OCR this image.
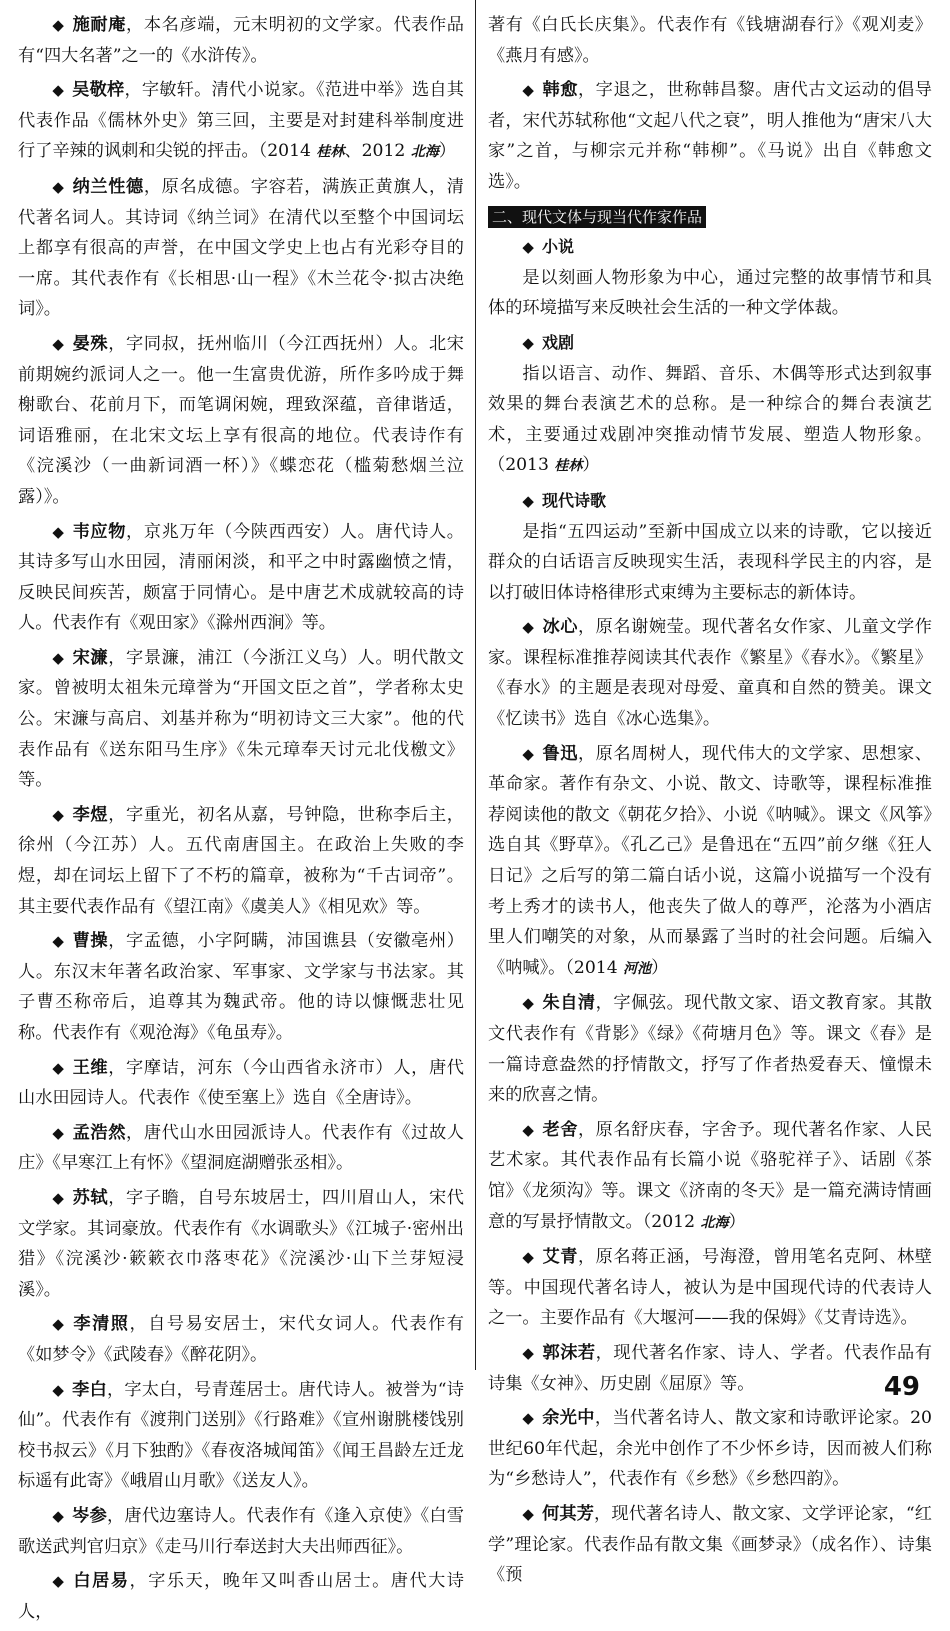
◆ 施耐庵，本名彦端，元末明初的文学家。代表作品有“四大名著”之一的《水浒传》。

◆ 吴敬梓，字敏轩。清代小说家。《范进中举》选自其代表作品《儒林外史》第三回，主要是对封建科举制度进行了辛辣的讽刺和尖锐的抨击。（2014 桂林、2012 北海）

◆ 纳兰性德，原名成德。字容若，满族正黄旗人，清代著名词人。其诗词《纳兰词》在清代以至整个中国词坛上都享有很高的声誉，在中国文学史上也占有光彩夺目的一席。其代表作有《长相思·山一程》《木兰花令·拟古决绝词》。

◆ 晏殊，字同叔，抚州临川（今江西抚州）人。北宋前期婉约派词人之一。他一生富贵优游，所作多吟成于舞榭歌台、花前月下，而笔调闲婉，理致深蕴，音律谐适，词语雅丽，在北宋文坛上享有很高的地位。代表诗作有《浣溪沙（一曲新词酒一杯）》《蝶恋花（槛菊愁烟兰泣露）》。

◆ 韦应物，京兆万年（今陕西西安）人。唐代诗人。其诗多写山水田园，清丽闲淡，和平之中时露幽愤之情，反映民间疾苦，颇富于同情心。是中唐艺术成就较高的诗人。代表作有《观田家》《滁州西涧》等。

◆ 宋濂，字景濂，浦江（今浙江义乌）人。明代散文家。曾被明太祖朱元璋誉为“开国文臣之首”，学者称太史公。宋濂与高启、刘基并称为“明初诗文三大家”。他的代表作品有《送东阳马生序》《朱元璋奉天讨元北伐檄文》等。

◆ 李煜，字重光，初名从嘉，号钟隐，世称李后主，徐州（今江苏）人。五代南唐国主。在政治上失败的李煜，却在词坛上留下了不朽的篇章，被称为“千古词帝”。其主要代表作品有《望江南》《虞美人》《相见欢》等。

◆ 曹操，字孟德，小字阿瞒，沛国谯县（安徽亳州）人。东汉末年著名政治家、军事家、文学家与书法家。其子曹丕称帝后，追尊其为魏武帝。他的诗以慷慨悲壮见称。代表作有《观沧海》《龟虽寿》。

◆ 王维，字摩诘，河东（今山西省永济市）人，唐代山水田园诗人。代表作《使至塞上》选自《全唐诗》。

◆ 孟浩然，唐代山水田园派诗人。代表作有《过故人庄》《早寒江上有怀》《望洞庭湖赠张丞相》。

◆ 苏轼，字子瞻，自号东坡居士，四川眉山人，宋代文学家。其词豪放。代表作有《水调歌头》《江城子·密州出猎》《浣溪沙·簌簌衣巾落枣花》《浣溪沙·山下兰芽短浸溪》。

◆ 李清照，自号易安居士，宋代女词人。代表作有《如梦令》《武陵春》《醉花阴》。

◆ 李白，字太白，号青莲居士。唐代诗人。被誉为“诗仙”。代表作有《渡荆门送别》《行路难》《宣州谢朓楼饯别校书叔云》《月下独酌》《春夜洛城闻笛》《闻王昌龄左迁龙标遥有此寄》《峨眉山月歌》《送友人》。

◆ 岑参，唐代边塞诗人。代表作有《逢入京使》《白雪歌送武判官归京》《走马川行奉送封大夫出师西征》。

◆ 白居易，字乐天，晚年又叫香山居士。唐代大诗人，

著有《白氏长庆集》。代表作有《钱塘湖春行》《观刈麦》《燕月有感》。

◆ 韩愈，字退之，世称韩昌黎。唐代古文运动的倡导者，宋代苏轼称他“文起八代之衰”，明人推他为“唐宋八大家”之首，与柳宗元并称“韩柳”。《马说》出自《韩愈文选》。

二、现代文体与现当代作家作品

◆ 小说

是以刻画人物形象为中心，通过完整的故事情节和具体的环境描写来反映社会生活的一种文学体裁。

◆ 戏剧

指以语言、动作、舞蹈、音乐、木偶等形式达到叙事效果的舞台表演艺术的总称。是一种综合的舞台表演艺术，主要通过戏剧冲突推动情节发展、塑造人物形象。（2013 桂林）

◆ 现代诗歌

是指“五四运动”至新中国成立以来的诗歌，它以接近群众的白话语言反映现实生活，表现科学民主的内容，是以打破旧体诗格律形式束缚为主要标志的新体诗。

◆ 冰心，原名谢婉莹。现代著名女作家、儿童文学作家。课程标准推荐阅读其代表作《繁星》《春水》。《繁星》《春水》的主题是表现对母爱、童真和自然的赞美。课文《忆读书》选自《冰心选集》。

◆ 鲁迅，原名周树人，现代伟大的文学家、思想家、革命家。著作有杂文、小说、散文、诗歌等，课程标准推荐阅读他的散文《朝花夕拾》、小说《呐喊》。课文《风筝》选自其《野草》。《孔乙己》是鲁迅在“五四”前夕继《狂人日记》之后写的第二篇白话小说，这篇小说描写一个没有考上秀才的读书人，他丧失了做人的尊严，沦落为小酒店里人们嘲笑的对象，从而暴露了当时的社会问题。后编入《呐喊》。（2014 河池）

◆ 朱自清，字佩弦。现代散文家、语文教育家。其散文代表作有《背影》《绿》《荷塘月色》等。课文《春》是一篇诗意盎然的抒情散文，抒写了作者热爱春天、憧憬未来的欣喜之情。

◆ 老舍，原名舒庆春，字舍予。现代著名作家、人民艺术家。其代表作品有长篇小说《骆驼祥子》、话剧《茶馆》《龙须沟》等。课文《济南的冬天》是一篇充满诗情画意的写景抒情散文。（2012 北海）

◆ 艾青，原名蒋正涵，号海澄，曾用笔名克阿、林壁等。中国现代著名诗人，被认为是中国现代诗的代表诗人之一。主要作品有《大堰河——我的保姆》《艾青诗选》。

◆ 郭沫若，现代著名作家、诗人、学者。代表作品有诗集《女神》、历史剧《屈原》等。

◆ 余光中，当代著名诗人、散文家和诗歌评论家。20世纪60年代起，余光中创作了不少怀乡诗，因而被人们称为“乡愁诗人”，代表作有《乡愁》《乡愁四韵》。

◆ 何其芳，现代著名诗人、散文家、文学评论家，“红学”理论家。代表作品有散文集《画梦录》（成名作）、诗集《预

49
